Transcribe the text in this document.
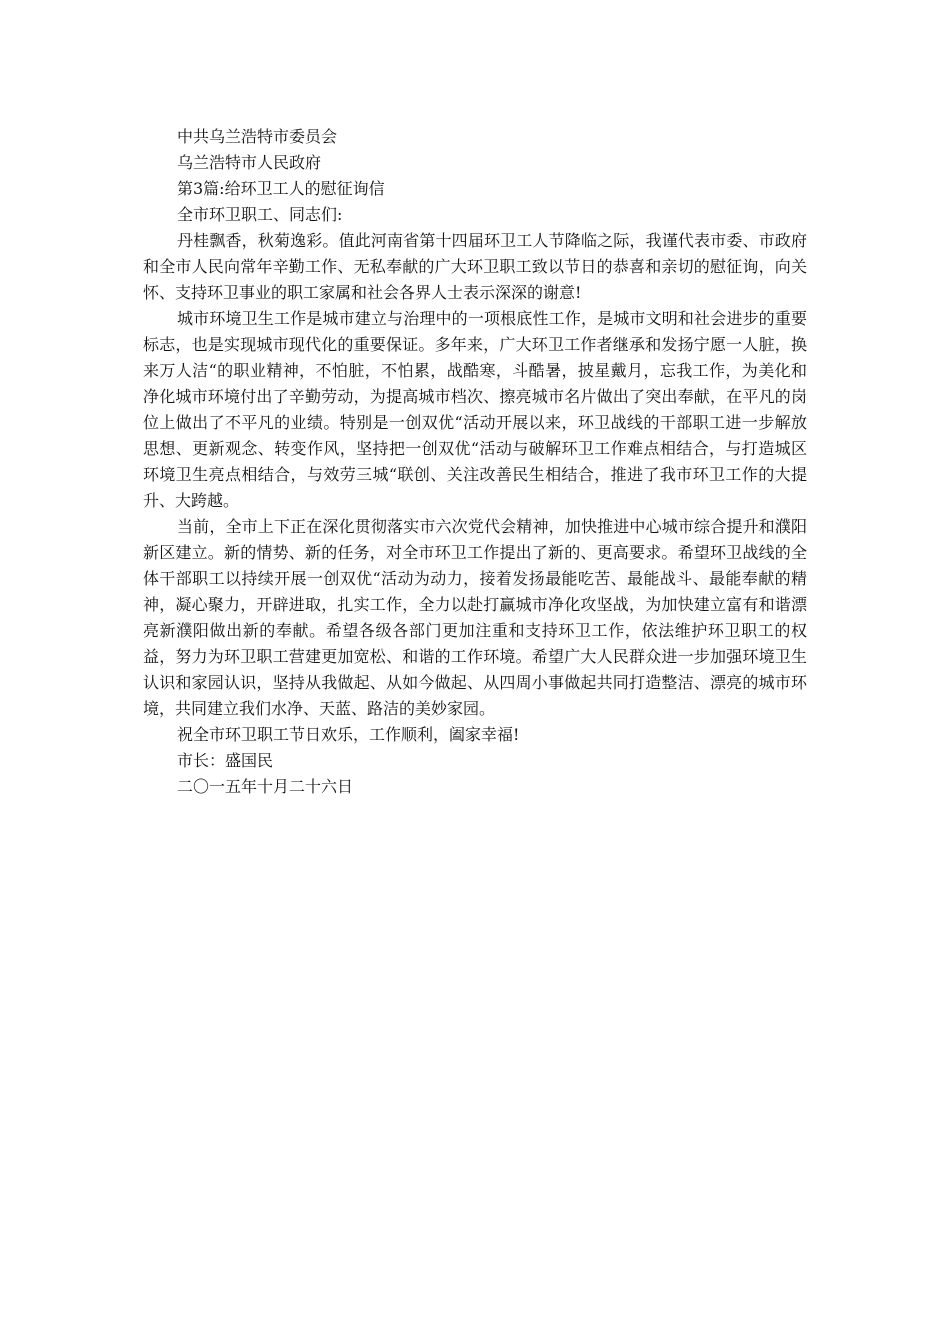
中共乌兰浩特市委员会

乌兰浩特市人民政府

第3篇:给环卫工人的慰征询信

全市环卫职工、同志们:

丹桂飘香，秋菊逸彩。值此河南省第十四届环卫工人节降临之际，我谨代表市委、市政府和全市人民向常年辛勤工作、无私奉献的广大环卫职工致以节日的恭喜和亲切的慰征询，向关怀、支持环卫事业的职工家属和社会各界人士表示深深的谢意!

城市环境卫生工作是城市建立与治理中的一项根底性工作，是城市文明和社会进步的重要标志，也是实现城市现代化的重要保证。多年来，广大环卫工作者继承和发扬宁愿一人脏，换来万人洁“的职业精神，不怕脏，不怕累，战酷寒，斗酷暑，披星戴月，忘我工作，为美化和净化城市环境付出了辛勤劳动，为提高城市档次、擦亮城市名片做出了突出奉献，在平凡的岗位上做出了不平凡的业绩。特别是一创双优“活动开展以来，环卫战线的干部职工进一步解放思想、更新观念、转变作风，坚持把一创双优“活动与破解环卫工作难点相结合，与打造城区环境卫生亮点相结合，与效劳三城“联创、关注改善民生相结合，推进了我市环卫工作的大提升、大跨越。

当前，全市上下正在深化贯彻落实市六次党代会精神，加快推进中心城市综合提升和濮阳新区建立。新的情势、新的任务，对全市环卫工作提出了新的、更高要求。希望环卫战线的全体干部职工以持续开展一创双优“活动为动力，接着发扬最能吃苦、最能战斗、最能奉献的精神，凝心聚力，开辟进取，扎实工作，全力以赴打赢城市净化攻坚战，为加快建立富有和谐漂亮新濮阳做出新的奉献。希望各级各部门更加注重和支持环卫工作，依法维护环卫职工的权益，努力为环卫职工营建更加宽松、和谐的工作环境。希望广大人民群众进一步加强环境卫生认识和家园认识，坚持从我做起、从如今做起、从四周小事做起共同打造整洁、漂亮的城市环境，共同建立我们水净、天蓝、路洁的美妙家园。

祝全市环卫职工节日欢乐，工作顺利，阖家幸福!

市长：盛国民

二〇一五年十月二十六日
